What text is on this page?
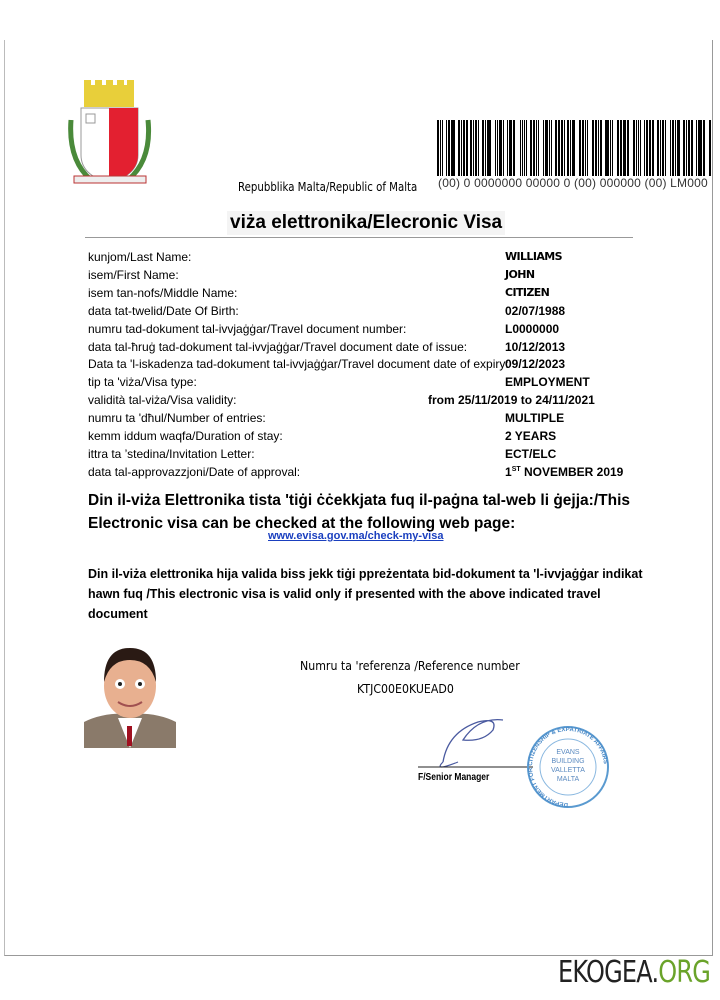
(00) 0 0000000 00000 0 (00) 000000 (00) LM000
Repubblika Malta/Republic of Malta
viża elettronika/Elecronic Visa
kunjom/Last Name:	WILLIAMS
isem/First Name:	JOHN
isem tan-nofs/Middle Name:	CITIZEN
data tat-twelid/Date Of Birth:	02/07/1988
numru tad-dokument tal-ivvjaġġar/Travel document number:	L0000000
data tal-ħruġ tad-dokument tal-ivvjaġġar/Travel document date of issue:	10/12/2013
Data ta 'l-iskadenza tad-dokument tal-ivvjaġġar/Travel document date of expiry:
09/12/2023
tip ta 'viża/Visa type:	EMPLOYMENT
validità tal-viża/Visa validity:	from 25/11/2019 to 24/11/2021
numru ta 'dħul/Number of entries:	MULTIPLE
kemm iddum waqfa/Duration of stay:	2 YEARS
ittra ta ’stedina/Invitation Letter:	ECT/ELC
data tal-approvazzjoni/Date of approval:	1ST NOVEMBER 2019
Din il-viża Elettronika tista 'tiġi ċċekkjata fuq il-paġna tal-web li ġejja:/This Electronic visa can be checked at the following web page:
www.evisa.gov.ma/check-my-visa
Din il-viża elettronika hija valida biss jekk tiġi ppreżentata bid-dokument ta 'l-ivvjaġġar indikat hawn fuq /This electronic visa is valid only if presented with the above indicated travel document
Numru ta 'referenza /Reference number
KTJC00E0KUEAD0
EVANS
BUILDING
VALLETTA
MALTA
DEPARTMENT FOR CITIZENSHIP & EXPATRIATE AFFAIRS
F/Senior Manager
EKOGEA.ORG
